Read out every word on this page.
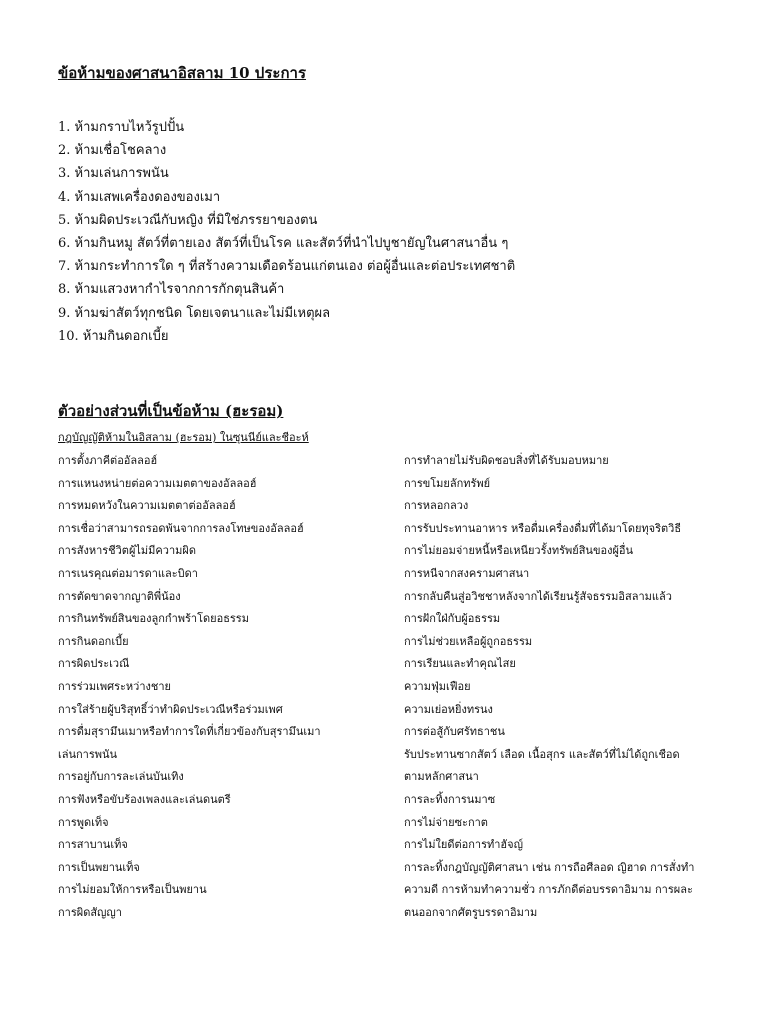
ข้อห้ามของศาสนาอิสลาม 10 ประการ
1. ห้ามกราบไหว้รูปปั้น
2. ห้ามเชื่อโชคลาง
3. ห้ามเล่นการพนัน
4. ห้ามเสพเครื่องดองของเมา
5. ห้ามผิดประเวณีกับหญิง ที่มิใช่ภรรยาของตน
6. ห้ามกินหมู สัตว์ที่ตายเอง สัตว์ที่เป็นโรค และสัตว์ที่นำไปบูชายัญในศาสนาอื่น ๆ
7. ห้ามกระทำการใด ๆ ที่สร้างความเดือดร้อนแก่ตนเอง ต่อผู้อื่นและต่อประเทศชาติ
8. ห้ามแสวงหากำไรจากการกักตุนสินค้า
9. ห้ามฆ่าสัตว์ทุกชนิด โดยเจตนาและไม่มีเหตุผล
10. ห้ามกินดอกเบี้ย
ตัวอย่างส่วนที่เป็นข้อห้าม (ฮะรอม)

กฎบัญญัติห้ามในอิสลาม (ฮะรอม) ในซุนนีย์และชีอะห์

การตั้งภาคีต่ออัลลอฮ์
การแหนงหน่ายต่อความเมตตาของอัลลอฮ์
การหมดหวังในความเมตตาต่ออัลลอฮ์
การเชื่อว่าสามารถรอดพ้นจากการลงโทษของอัลลอฮ์
การสังหารชีวิตผู้ไม่มีความผิด
การเนรคุณต่อมารดาและบิดา
การตัดขาดจากญาติพี่น้อง
การกินทรัพย์สินของลูกกำพร้าโดยอธรรม
การกินดอกเบี้ย
การผิดประเวณี
การร่วมเพศระหว่างชาย
การใส่ร้ายผู้บริสุทธิ์ว่าทำผิดประเวณีหรือร่วมเพศ
การดื่มสุรามึนเมาหรือทำการใดที่เกี่ยวข้องกับสุรามึนเมา
เล่นการพนัน
การอยู่กับการละเล่นบันเทิง
การฟังหรือขับร้องเพลงและเล่นดนตรี
การพูดเท็จ
การสาบานเท็จ
การเป็นพยานเท็จ
การไม่ยอมให้การหรือเป็นพยาน
การผิดสัญญา
การทำลายไม่รับผิดชอบสิ่งที่ได้รับมอบหมาย
การขโมยลักทรัพย์
การหลอกลวง
การรับประทานอาหาร หรือดื่มเครื่องดื่มที่ได้มาโดยทุจริตวิธี
การไม่ยอมจ่ายหนี้หรือเหนียวรั้งทรัพย์สินของผู้อื่น
การหนีจากสงครามศาสนา
การกลับคืนสู่อวิชชาหลังจากได้เรียนรู้สัจธรรมอิสลามแล้ว
การฝักใฝ่กับผู้อธรรม
การไม่ช่วยเหลือผู้ถูกอธรรม
การเรียนและทำคุณไสย
ความฟุ่มเฟือย
ความเย่อหยิ่งทรนง
การต่อสู้กับศรัทธาชน
รับประทานซากสัตว์ เลือด เนื้อสุกร และสัตว์ที่ไม่ได้ถูกเชือด
ตามหลักศาสนา
การละทิ้งการนมาซ
การไม่จ่ายซะกาต
การไม่ใยดีต่อการทำฮัจญ์
การละทิ้งกฎบัญญัติศาสนา เช่น การถือศีลอด ญิฮาด การสั่งทำ
ความดี การห้ามทำความชั่ว การภักดีต่อบรรดาอิมาม การผละ
ตนออกจากศัตรูบรรดาอิมาม
